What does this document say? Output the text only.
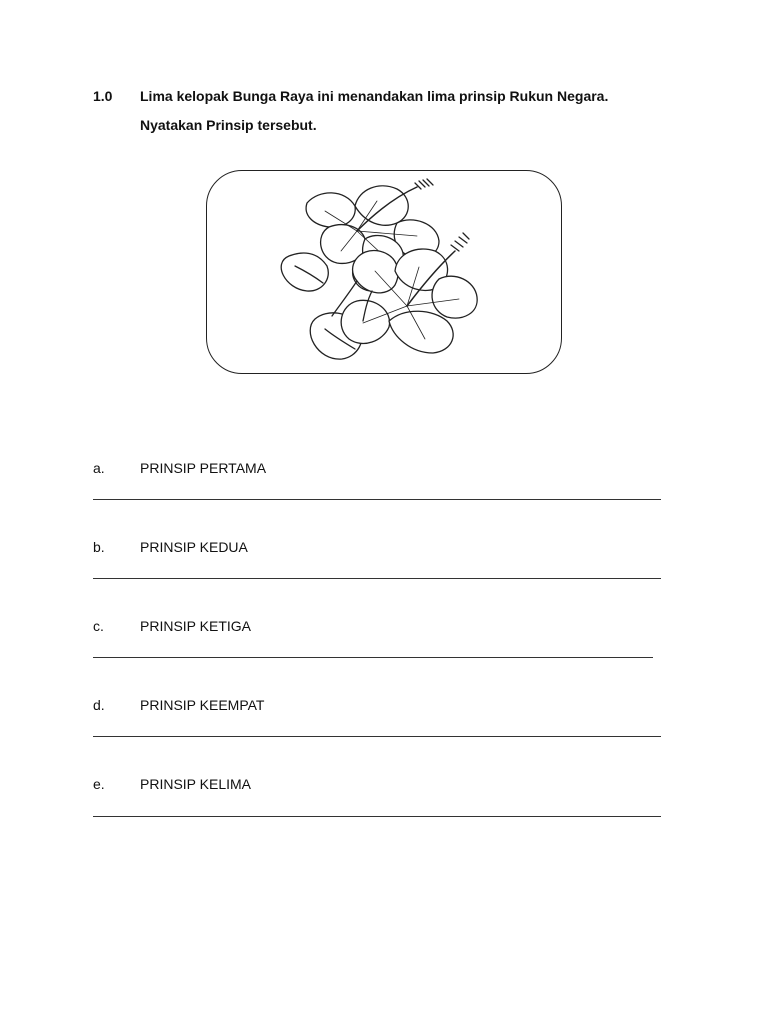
1.0 Lima kelopak Bunga Raya ini menandakan lima prinsip Rukun Negara.
Nyatakan Prinsip tersebut.
a.	PRINSIP PERTAMA
b.	PRINSIP KEDUA
c.	PRINSIP KETIGA
d.	PRINSIP KEEMPAT
e.	PRINSIP KELIMA
